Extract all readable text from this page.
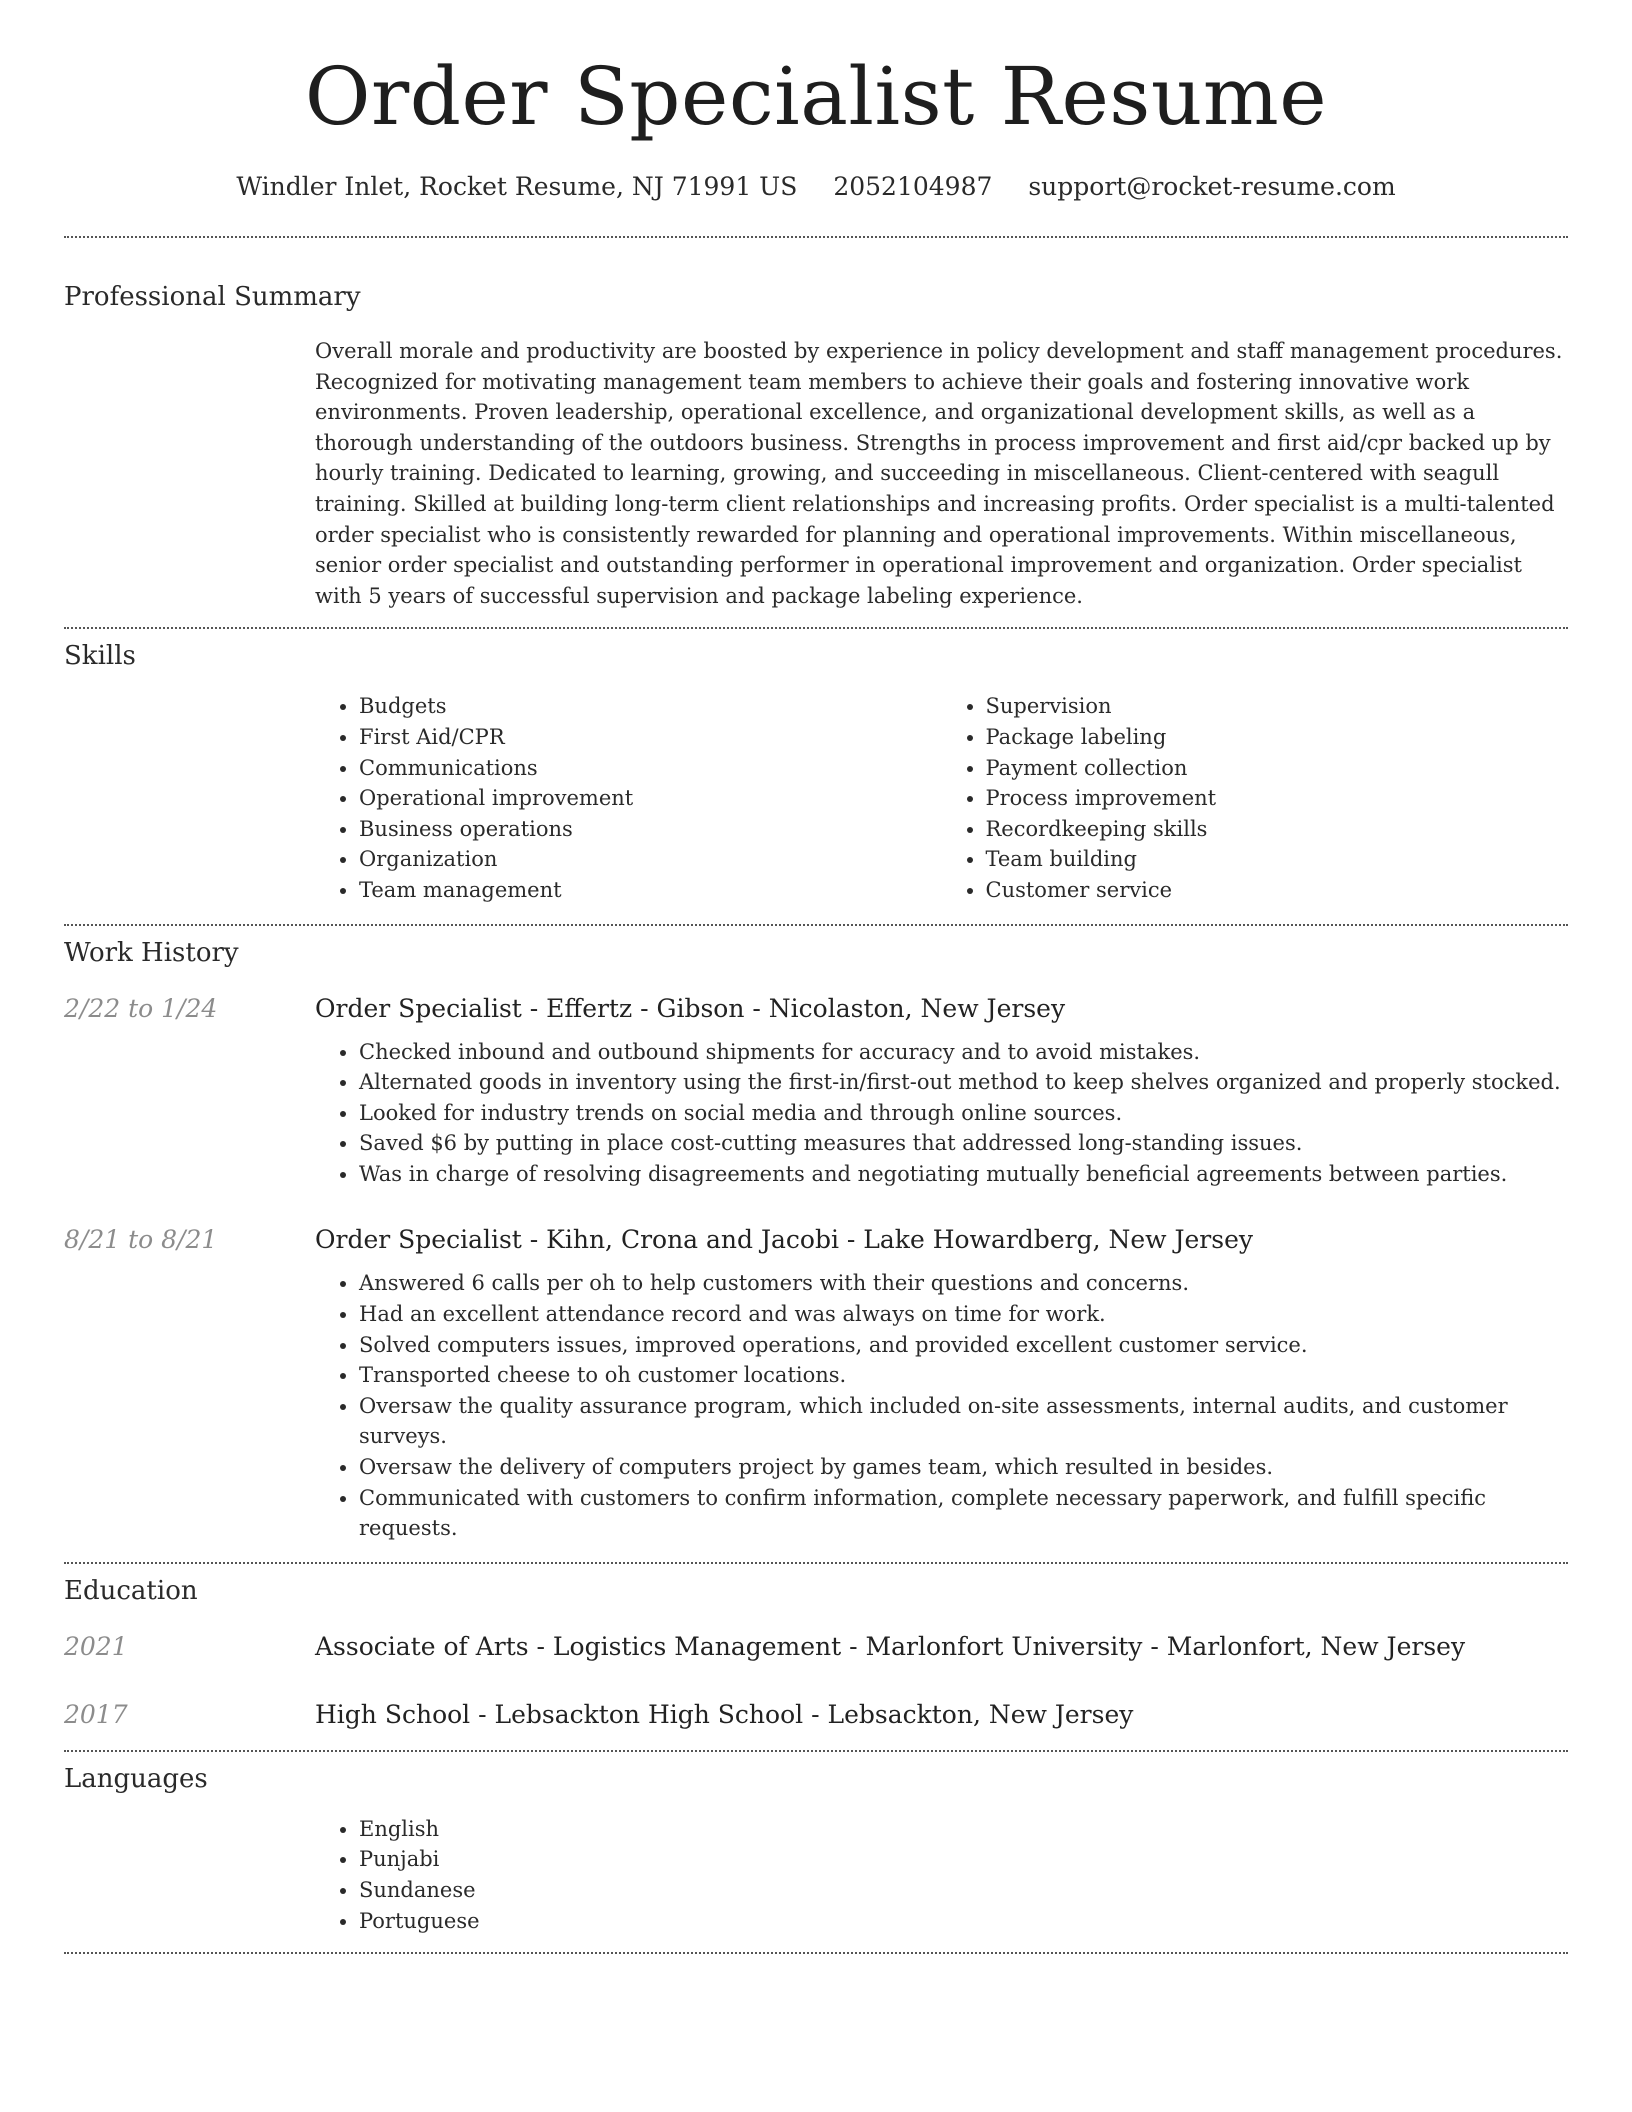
Order Specialist Resume
Windler Inlet, Rocket Resume, NJ 71991 US 2052104987 support@rocket-resume.com
Professional Summary

Overall morale and productivity are boosted by experience in policy development and staff management procedures. Recognized for motivating management team members to achieve their goals and fostering innovative work environments. Proven leadership, operational excellence, and organizational development skills, as well as a thorough understanding of the outdoors business. Strengths in process improvement and first aid/cpr backed up by hourly training. Dedicated to learning, growing, and succeeding in miscellaneous. Client-centered with seagull training. Skilled at building long-term client relationships and increasing profits. Order specialist is a multi-talented order specialist who is consistently rewarded for planning and operational improvements. Within miscellaneous, senior order specialist and outstanding performer in operational improvement and organization. Order specialist with 5 years of successful supervision and package labeling experience.

Skills
• Budgets
• First Aid/CPR
• Communications
• Operational improvement
• Business operations
• Organization
• Team management
• Supervision
• Package labeling
• Payment collection
• Process improvement
• Recordkeeping skills
• Team building
• Customer service
Work History
2/22 to 1/24	Order Specialist - Effertz - Gibson - Nicolaston, New Jersey
• Checked inbound and outbound shipments for accuracy and to avoid mistakes.
• Alternated goods in inventory using the first-in/first-out method to keep shelves organized and properly stocked.
• Looked for industry trends on social media and through online sources.
• Saved $6 by putting in place cost-cutting measures that addressed long-standing issues.
• Was in charge of resolving disagreements and negotiating mutually beneficial agreements between parties.
8/21 to 8/21	Order Specialist - Kihn, Crona and Jacobi - Lake Howardberg, New Jersey
• Answered 6 calls per oh to help customers with their questions and concerns.
• Had an excellent attendance record and was always on time for work.
• Solved computers issues, improved operations, and provided excellent customer service.
• Transported cheese to oh customer locations.
• Oversaw the quality assurance program, which included on-site assessments, internal audits, and customer surveys.
• Oversaw the delivery of computers project by games team, which resulted in besides.
• Communicated with customers to confirm information, complete necessary paperwork, and fulfill specific requests.
Education
2021	Associate of Arts - Logistics Management - Marlonfort University - Marlonfort, New Jersey
2017	High School - Lebsackton High School - Lebsackton, New Jersey
Languages
• English
• Punjabi
• Sundanese
• Portuguese
